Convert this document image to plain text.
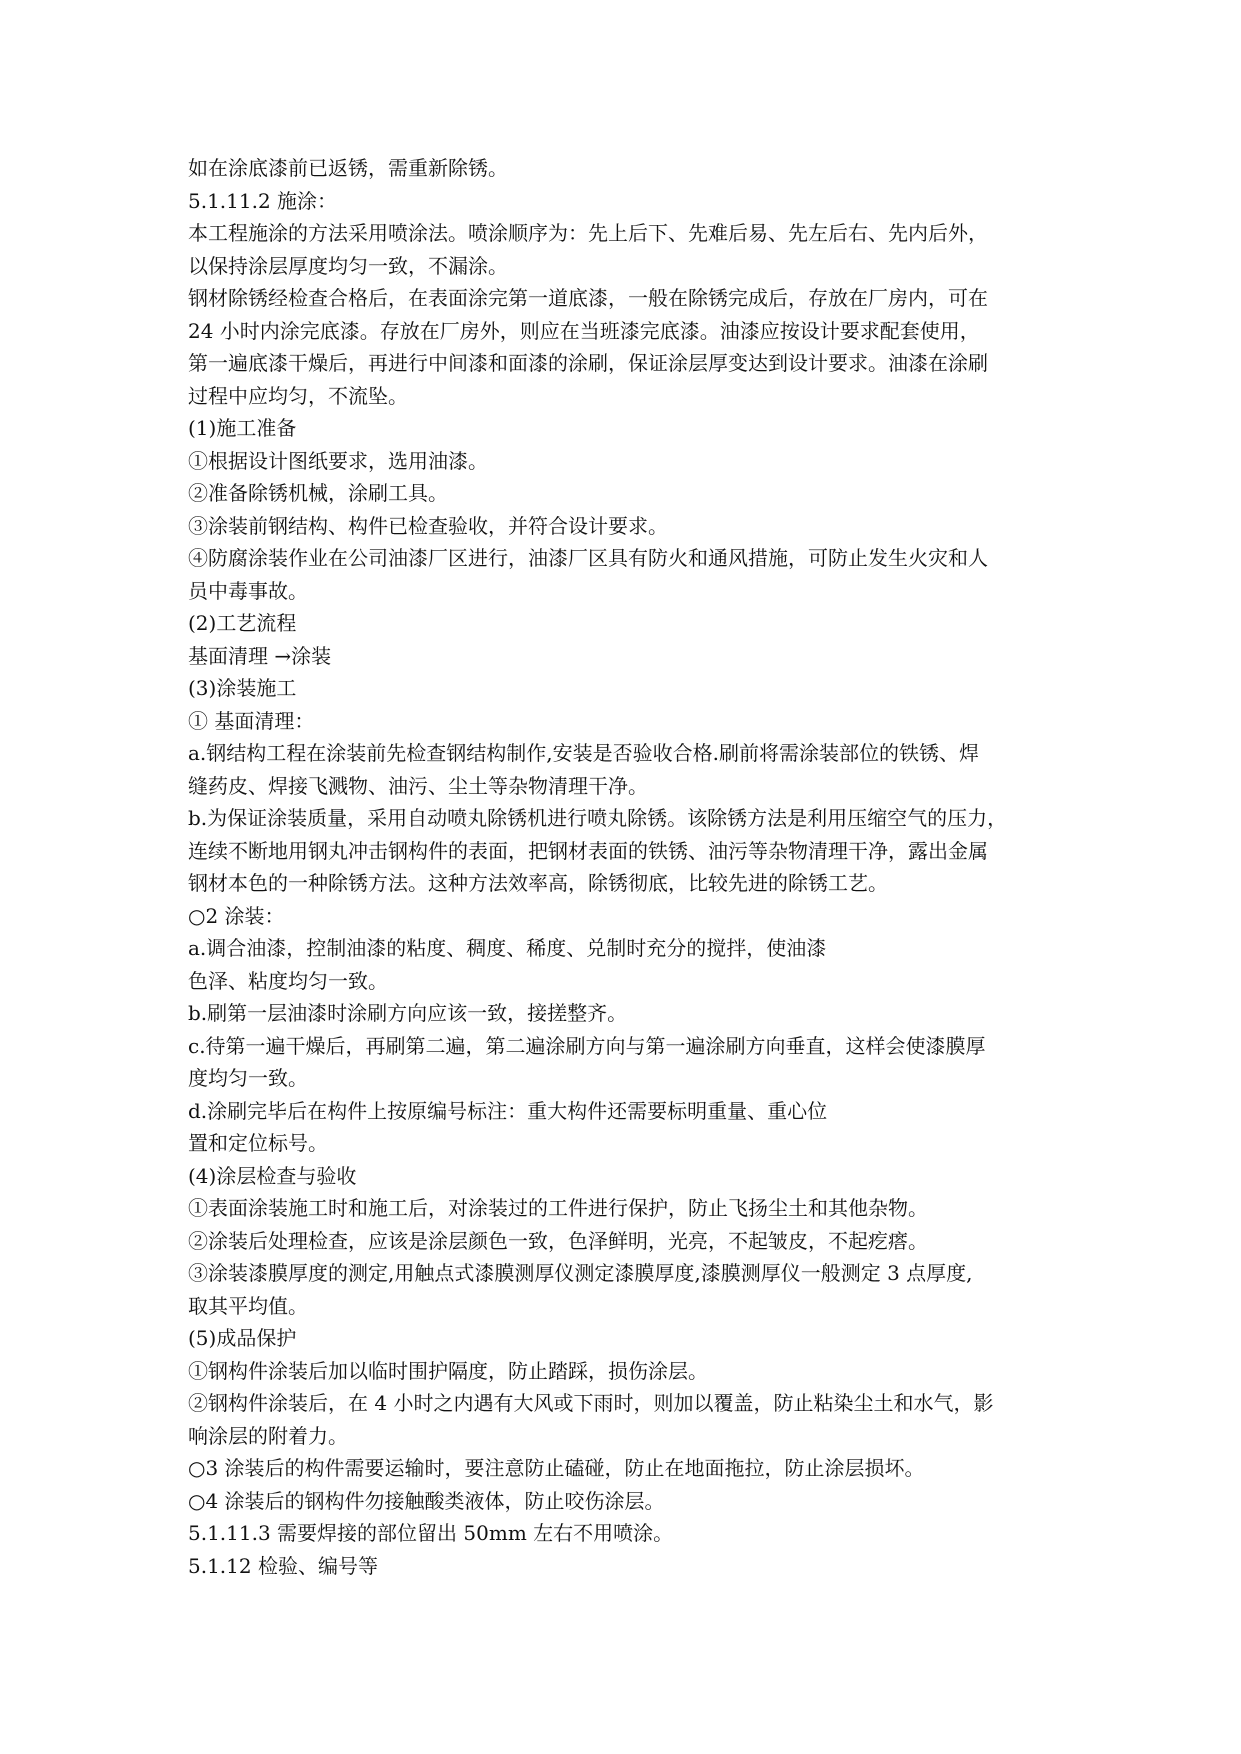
如在涂底漆前已返锈，需重新除锈。

5.1.11.2 施涂：

本工程施涂的方法采用喷涂法。喷涂顺序为：先上后下、先难后易、先左后右、先内后外，

以保持涂层厚度均匀一致，不漏涂。

钢材除锈经检查合格后，在表面涂完第一道底漆，一般在除锈完成后，存放在厂房内，可在

24 小时内涂完底漆。存放在厂房外，则应在当班漆完底漆。油漆应按设计要求配套使用，

第一遍底漆干燥后，再进行中间漆和面漆的涂刷，保证涂层厚变达到设计要求。油漆在涂刷

过程中应均匀，不流坠。

(1)施工准备

①根据设计图纸要求，选用油漆。

②准备除锈机械，涂刷工具。

③涂装前钢结构、构件已检查验收，并符合设计要求。

④防腐涂装作业在公司油漆厂区进行，油漆厂区具有防火和通风措施，可防止发生火灾和人

员中毒事故。

(2)工艺流程

基面清理 →涂装

(3)涂装施工

① 基面清理：

a.钢结构工程在涂装前先检查钢结构制作,安装是否验收合格.刷前将需涂装部位的铁锈、焊

缝药皮、焊接飞溅物、油污、尘土等杂物清理干净。

b.为保证涂装质量，采用自动喷丸除锈机进行喷丸除锈。该除锈方法是利用压缩空气的压力，

连续不断地用钢丸冲击钢构件的表面，把钢材表面的铁锈、油污等杂物清理干净，露出金属

钢材本色的一种除锈方法。这种方法效率高，除锈彻底，比较先进的除锈工艺。

○2 涂装：

a.调合油漆，控制油漆的粘度、稠度、稀度、兑制时充分的搅拌，使油漆

色泽、粘度均匀一致。

b.刷第一层油漆时涂刷方向应该一致，接搓整齐。

c.待第一遍干燥后，再刷第二遍，第二遍涂刷方向与第一遍涂刷方向垂直，这样会使漆膜厚

度均匀一致。

d.涂刷完毕后在构件上按原编号标注：重大构件还需要标明重量、重心位

置和定位标号。

(4)涂层检查与验收

①表面涂装施工时和施工后，对涂装过的工件进行保护，防止飞扬尘土和其他杂物。

②涂装后处理检查，应该是涂层颜色一致，色泽鲜明，光亮，不起皱皮，不起疙瘩。

③涂装漆膜厚度的测定,用触点式漆膜测厚仪测定漆膜厚度,漆膜测厚仪一般测定 3 点厚度,

取其平均值。

(5)成品保护

①钢构件涂装后加以临时围护隔度，防止踏踩，损伤涂层。

②钢构件涂装后，在 4 小时之内遇有大风或下雨时，则加以覆盖，防止粘染尘土和水气，影

响涂层的附着力。

○3 涂装后的构件需要运输时，要注意防止磕碰，防止在地面拖拉，防止涂层损坏。

○4 涂装后的钢构件勿接触酸类液体，防止咬伤涂层。

5.1.11.3 需要焊接的部位留出 50mm 左右不用喷涂。

5.1.12 检验、编号等
